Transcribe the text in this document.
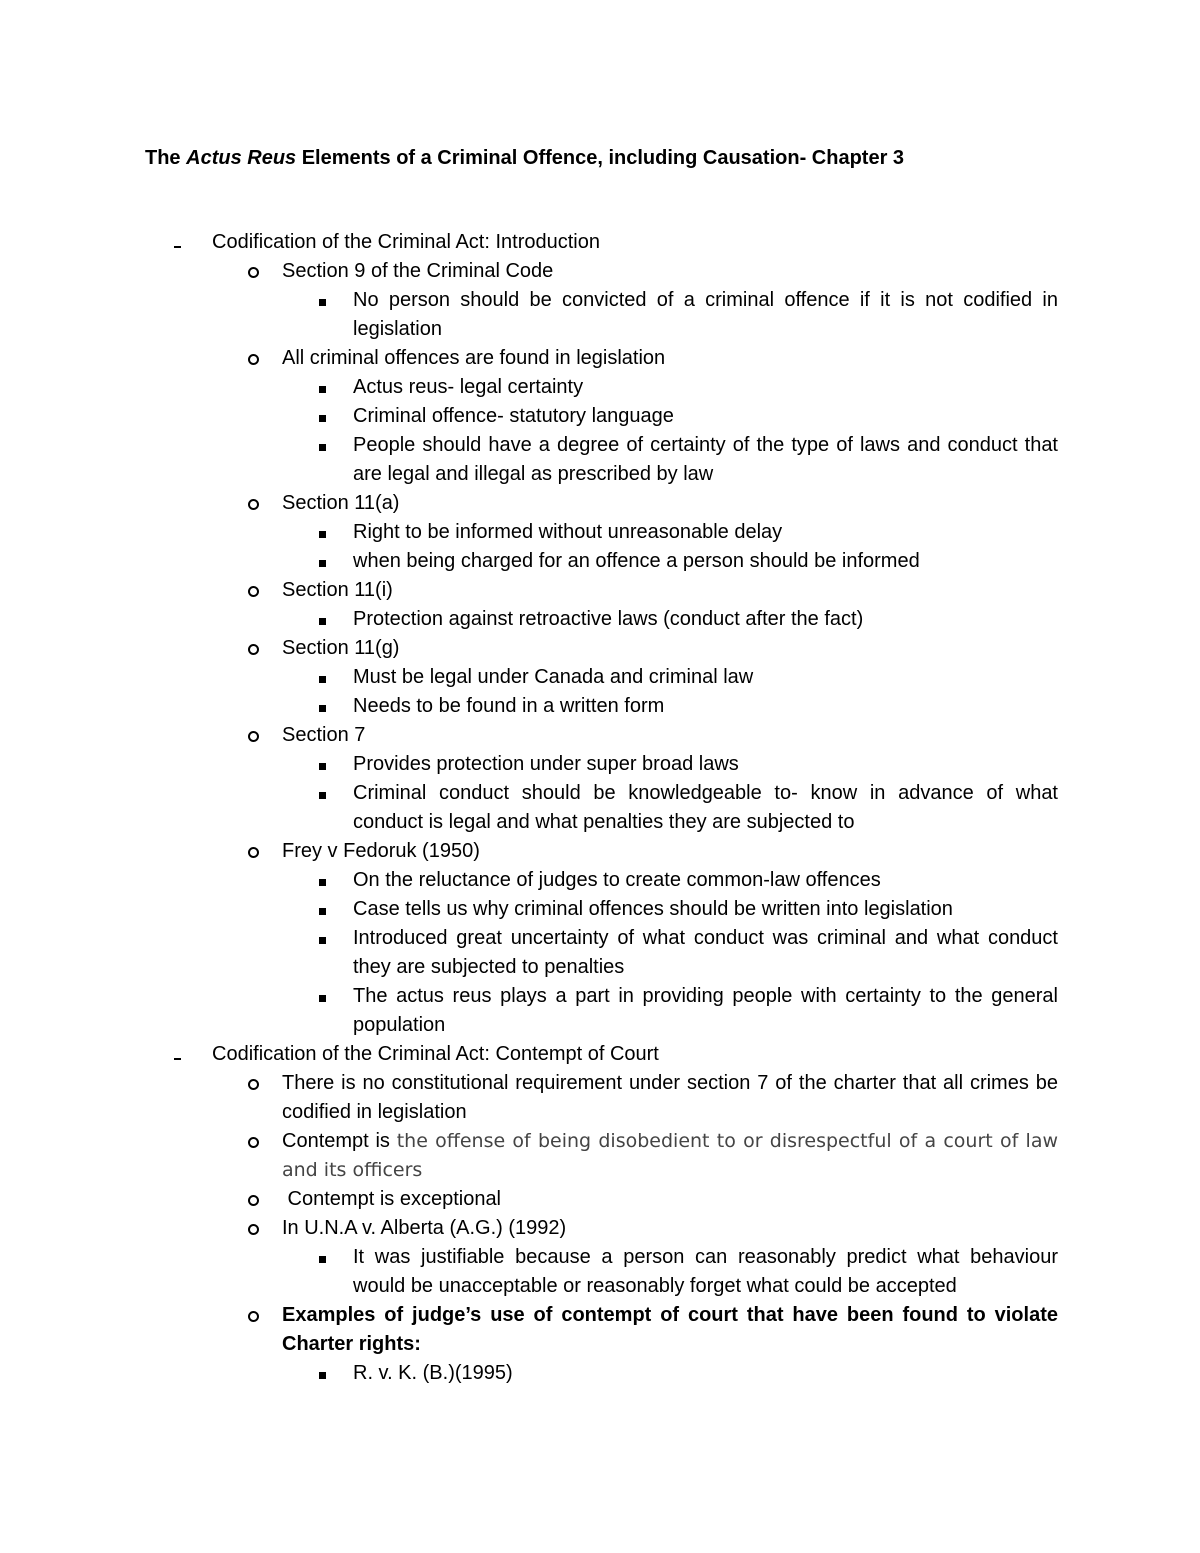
The Actus Reus Elements of a Criminal Offence, including Causation- Chapter 3
Codification of the Criminal Act: Introduction
Section 9 of the Criminal Code
No person should be convicted of a criminal offence if it is not codified in legislation
All criminal offences are found in legislation
Actus reus- legal certainty
Criminal offence- statutory language
People should have a degree of certainty of the type of laws and conduct that are legal and illegal as prescribed by law
Section 11(a)
Right to be informed without unreasonable delay
when being charged for an offence a person should be informed
Section 11(i)
Protection against retroactive laws (conduct after the fact)
Section 11(g)
Must be legal under Canada and criminal law
Needs to be found in a written form
Section 7
Provides protection under super broad laws
Criminal conduct should be knowledgeable to- know in advance of what conduct is legal and what penalties they are subjected to
Frey v Fedoruk (1950)
On the reluctance of judges to create common-law offences
Case tells us why criminal offences should be written into legislation
Introduced great uncertainty of what conduct was criminal and what conduct they are subjected to penalties
The actus reus plays a part in providing people with certainty to the general population
Codification of the Criminal Act: Contempt of Court
There is no constitutional requirement under section 7 of the charter that all crimes be codified in legislation
Contempt is the offense of being disobedient to or disrespectful of a court of law and its officers
Contempt is exceptional
In U.N.A v. Alberta (A.G.) (1992)
It was justifiable because a person can reasonably predict what behaviour would be unacceptable or reasonably forget what could be accepted
Examples of judge’s use of contempt of court that have been found to violate Charter rights:
R. v. K. (B.)(1995)
